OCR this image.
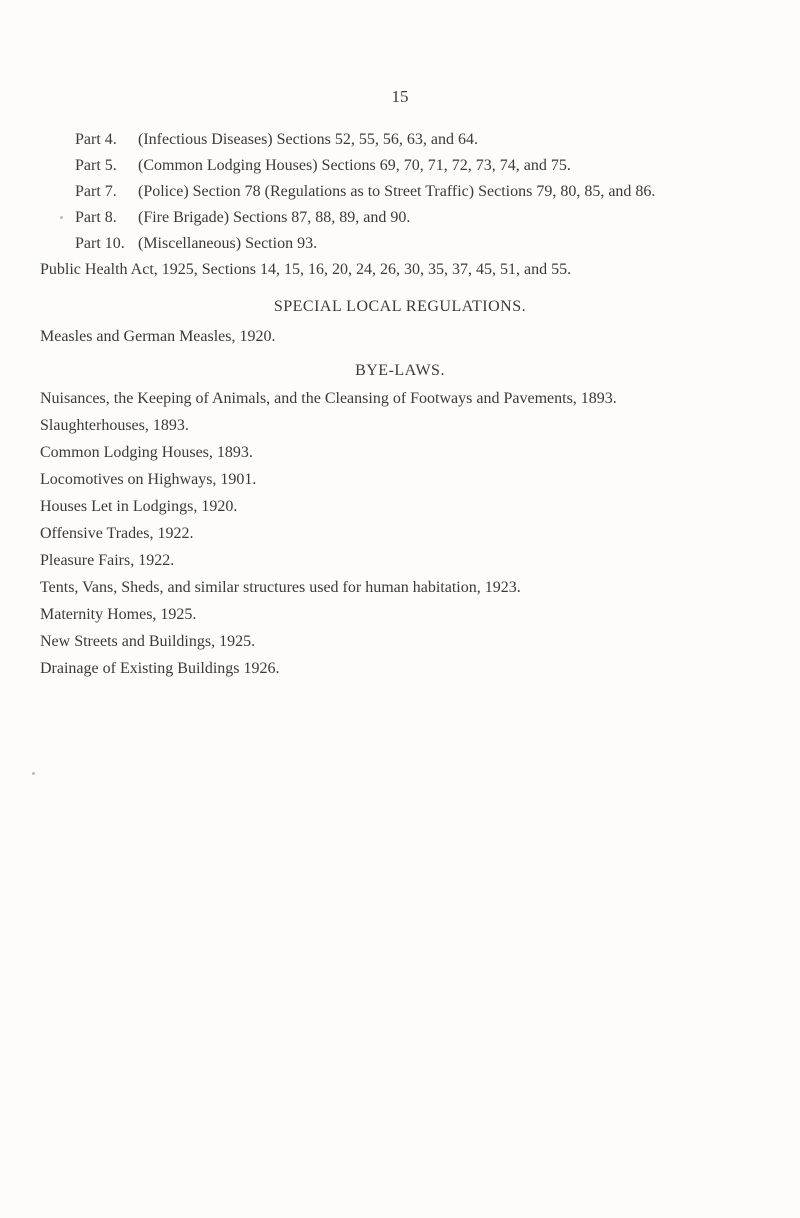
15
Part 4. (Infectious Diseases) Sections 52, 55, 56, 63, and 64.
Part 5. (Common Lodging Houses) Sections 69, 70, 71, 72, 73, 74, and 75.
Part 7. (Police) Section 78 (Regulations as to Street Traffic) Sections 79, 80, 85, and 86.
Part 8. (Fire Brigade) Sections 87, 88, 89, and 90.
Part 10. (Miscellaneous) Section 93.
Public Health Act, 1925, Sections 14, 15, 16, 20, 24, 26, 30, 35, 37, 45, 51, and 55.
SPECIAL LOCAL REGULATIONS.
Measles and German Measles, 1920.
BYE-LAWS.
Nuisances, the Keeping of Animals, and the Cleansing of Footways and Pavements, 1893.
Slaughterhouses, 1893.
Common Lodging Houses, 1893.
Locomotives on Highways, 1901.
Houses Let in Lodgings, 1920.
Offensive Trades, 1922.
Pleasure Fairs, 1922.
Tents, Vans, Sheds, and similar structures used for human habitation, 1923.
Maternity Homes, 1925.
New Streets and Buildings, 1925.
Drainage of Existing Buildings 1926.
